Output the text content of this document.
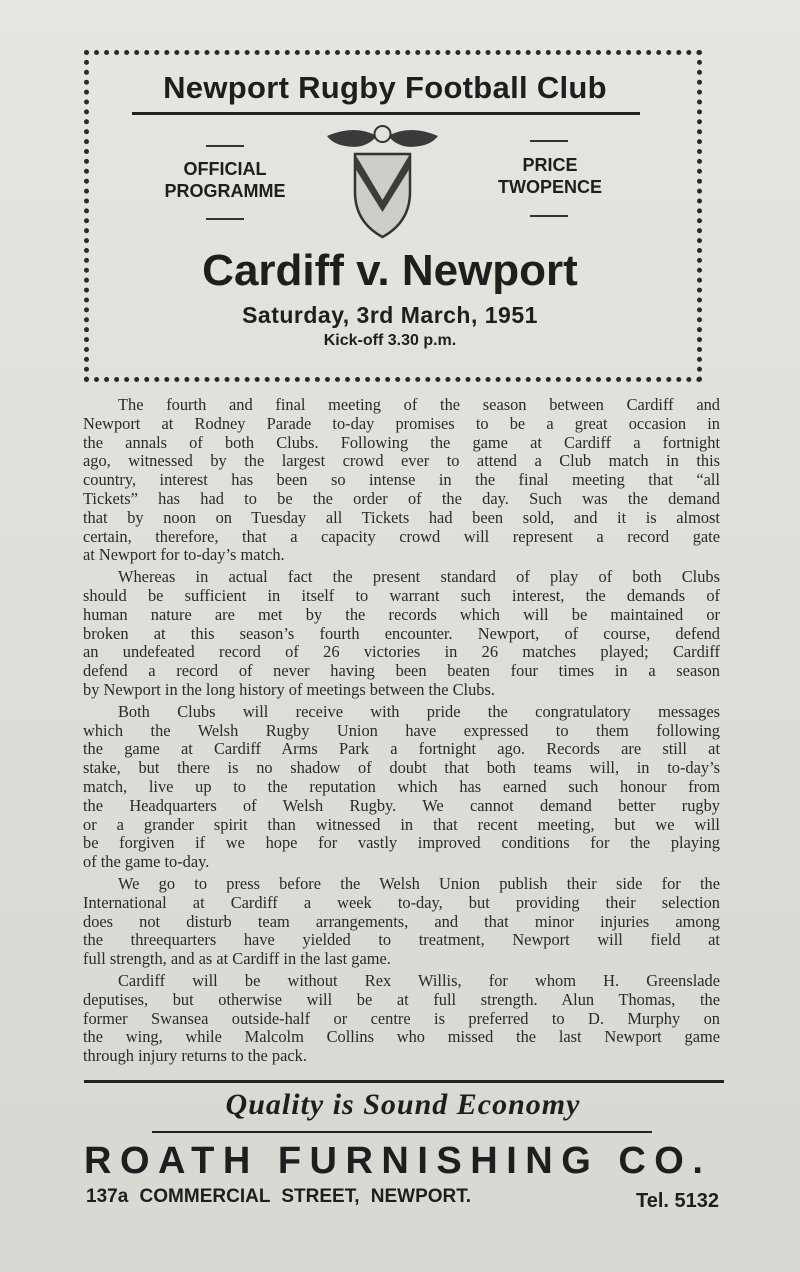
Newport Rugby Football Club
OFFICIAL
PROGRAMME
PRICE
TWOPENCE
Cardiff v. Newport
Saturday, 3rd March, 1951
Kick-off 3.30 p.m.
The fourth and final meeting of the season between Cardiff and
Newport at Rodney Parade to-day promises to be a great occasion in
the annals of both Clubs. Following the game at Cardiff a fortnight
ago, witnessed by the largest crowd ever to attend a Club match in this
country, interest has been so intense in the final meeting that “all
Tickets” has had to be the order of the day. Such was the demand
that by noon on Tuesday all Tickets had been sold, and it is almost
certain, therefore, that a capacity crowd will represent a record gate
at Newport for to-day’s match.
Whereas in actual fact the present standard of play of both Clubs
should be sufficient in itself to warrant such interest, the demands of
human nature are met by the records which will be maintained or
broken at this season’s fourth encounter. Newport, of course, defend
an undefeated record of 26 victories in 26 matches played; Cardiff
defend a record of never having been beaten four times in a season
by Newport in the long history of meetings between the Clubs.
Both Clubs will receive with pride the congratulatory messages
which the Welsh Rugby Union have expressed to them following
the game at Cardiff Arms Park a fortnight ago. Records are still at
stake, but there is no shadow of doubt that both teams will, in to-day’s
match, live up to the reputation which has earned such honour from
the Headquarters of Welsh Rugby. We cannot demand better rugby
or a grander spirit than witnessed in that recent meeting, but we will
be forgiven if we hope for vastly improved conditions for the playing
of the game to-day.
We go to press before the Welsh Union publish their side for the
International at Cardiff a week to-day, but providing their selection
does not disturb team arrangements, and that minor injuries among
the threequarters have yielded to treatment, Newport will field at
full strength, and as at Cardiff in the last game.
Cardiff will be without Rex Willis, for whom H. Greenslade
deputises, but otherwise will be at full strength. Alun Thomas, the
former Swansea outside-half or centre is preferred to D. Murphy on
the wing, while Malcolm Collins who missed the last Newport game
through injury returns to the pack.
Quality is Sound Economy
ROATH FURNISHING CO.
137a COMMERCIAL STREET, NEWPORT.	Tel. 5132
